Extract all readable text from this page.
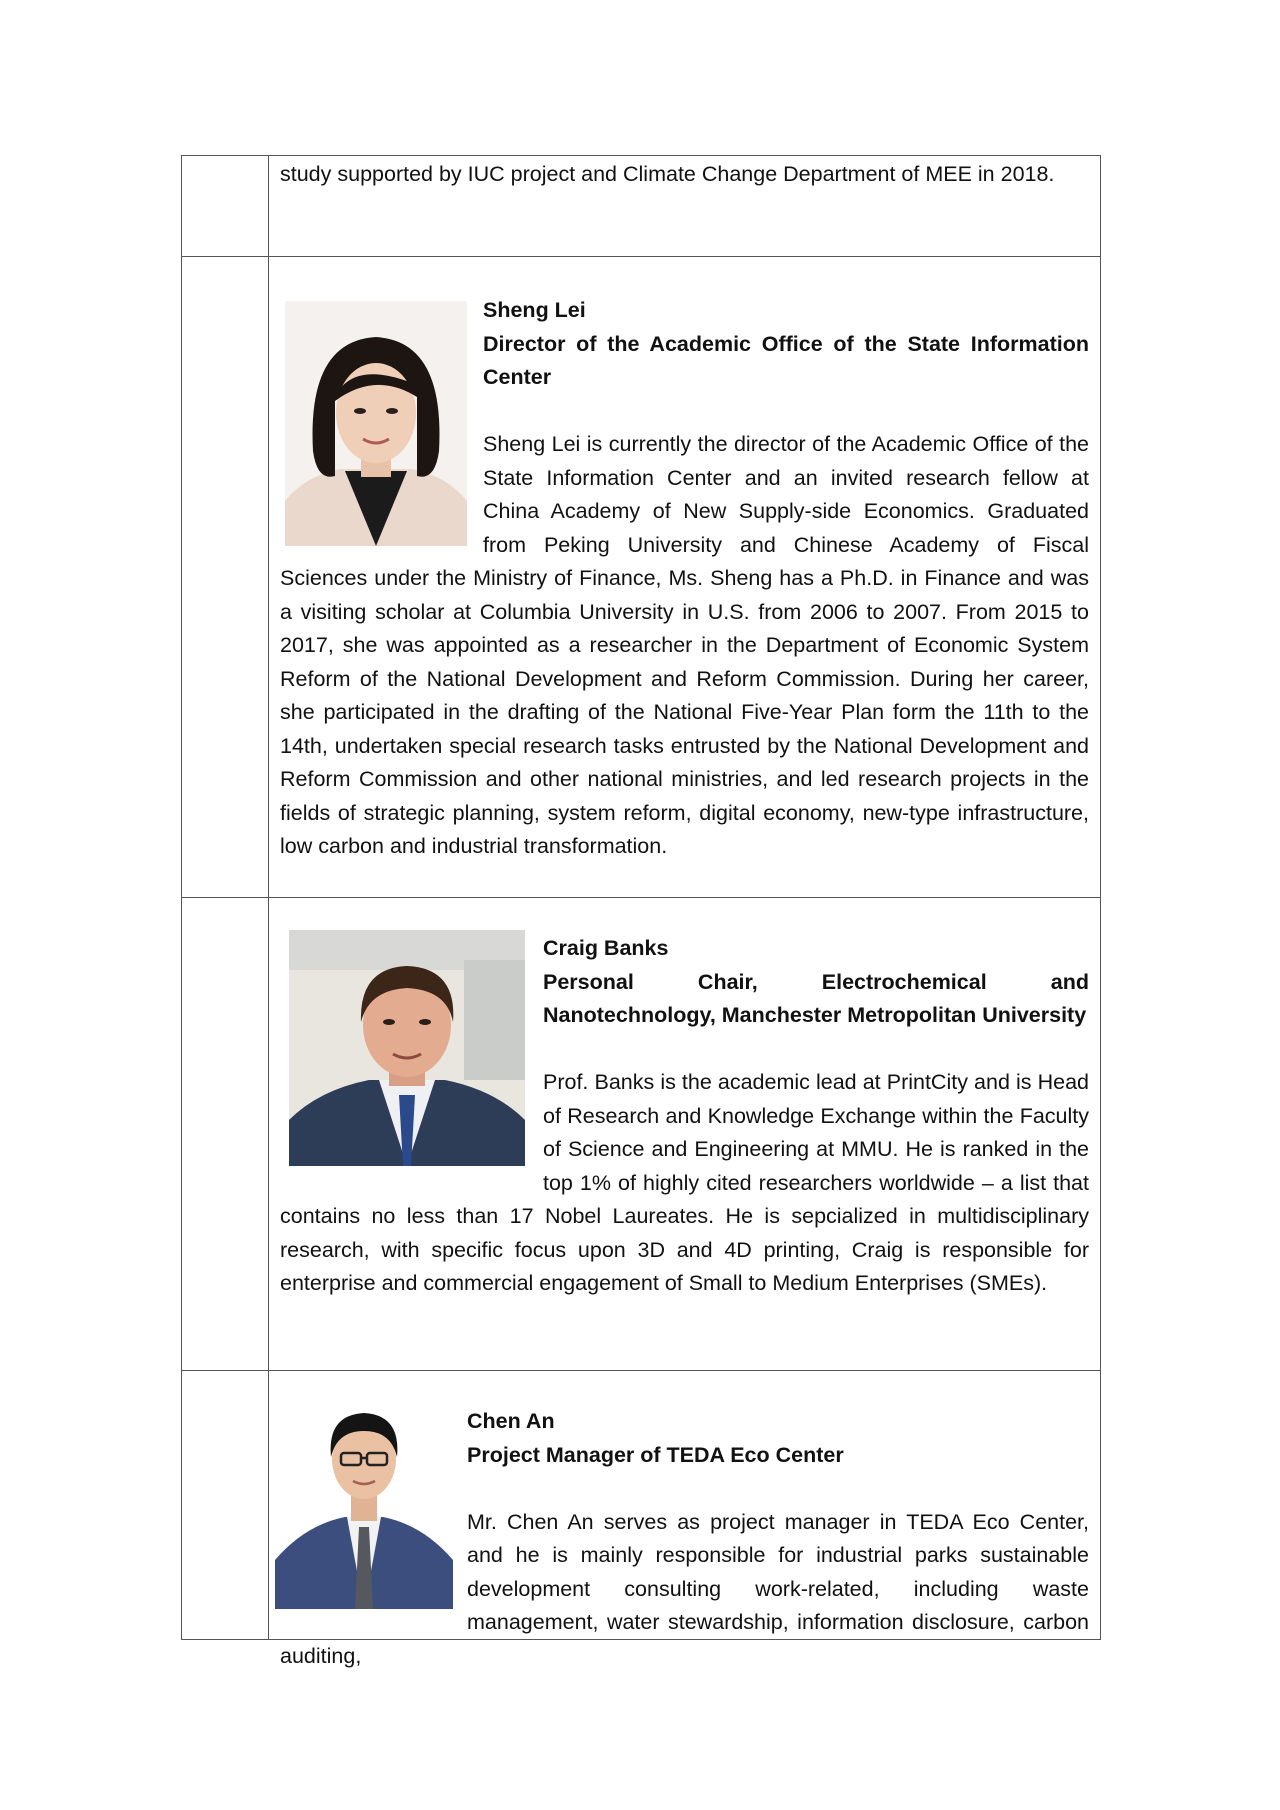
	study supported by IUC project and Climate Change Department of MEE in 2018.

	Sheng Lei

Director of the Academic Office of the State Information Center

Sheng Lei is currently the director of the Academic Office of the State Information Center and an invited research fellow at China Academy of New Supply-side Economics. Graduated from Peking University and Chinese Academy of Fiscal Sciences under the Ministry of Finance, Ms. Sheng has a Ph.D. in Finance and was a visiting scholar at Columbia University in U.S. from 2006 to 2007. From 2015 to 2017, she was appointed as a researcher in the Department of Economic System Reform of the National Development and Reform Commission. During her career, she participated in the drafting of the National Five-Year Plan form the 11th to the 14th, undertaken special research tasks entrusted by the National Development and Reform Commission and other national ministries, and led research projects in the fields of strategic planning, system reform, digital economy, new-type infrastructure, low carbon and industrial transformation.

	Craig Banks

Personal Chair, Electrochemical and Nanotechnology, Manchester Metropolitan University

Prof. Banks is the academic lead at PrintCity and is Head of Research and Knowledge Exchange within the Faculty of Science and Engineering at MMU. He is ranked in the top 1% of highly cited researchers worldwide – a list that contains no less than 17 Nobel Laureates. He is sepcialized in multidisciplinary research, with specific focus upon 3D and 4D printing, Craig is responsible for enterprise and commercial engagement of Small to Medium Enterprises (SMEs).

	Chen An

Project Manager of TEDA Eco Center

Mr. Chen An serves as project manager in TEDA Eco Center, and he is mainly responsible for industrial parks sustainable development consulting work-related, including waste management, water stewardship, information disclosure, carbon auditing,
